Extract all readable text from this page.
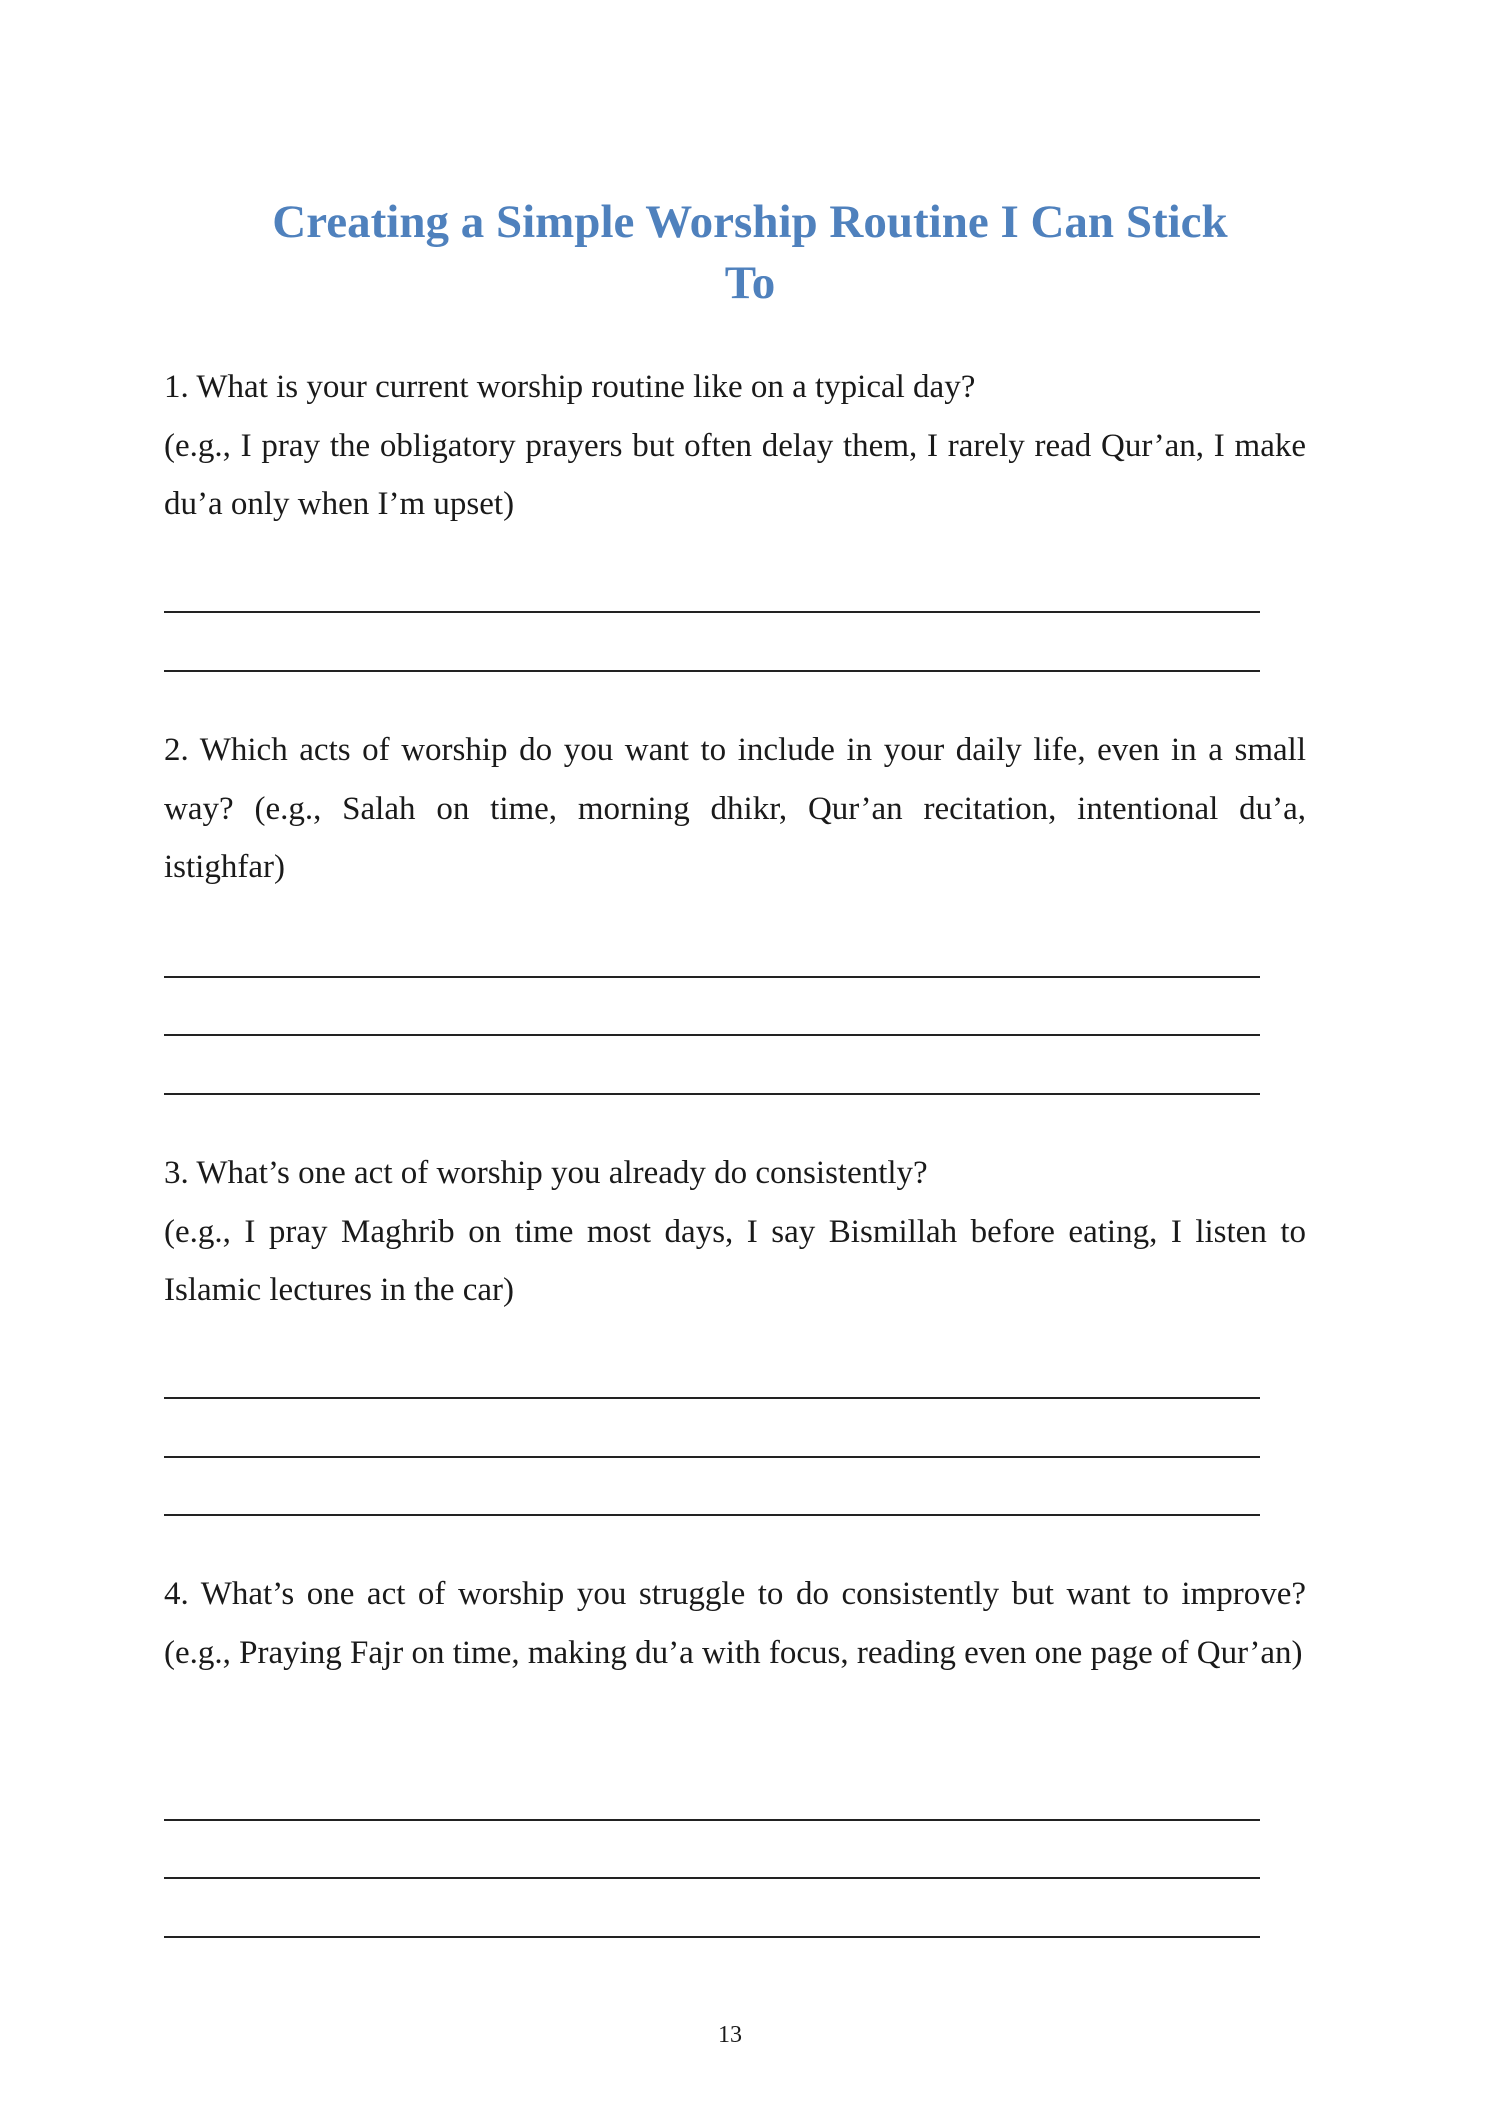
Creating a Simple Worship Routine I Can Stick To
1. What is your current worship routine like on a typical day?
(e.g., I pray the obligatory prayers but often delay them, I rarely read Qur’an, I make du’a only when I’m upset)
2. Which acts of worship do you want to include in your daily life, even in a small way? (e.g., Salah on time, morning dhikr, Qur’an recitation, intentional du’a, istighfar)
3. What’s one act of worship you already do consistently?
(e.g., I pray Maghrib on time most days, I say Bismillah before eating, I listen to Islamic lectures in the car)
4. What’s one act of worship you struggle to do consistently but want to improve? (e.g., Praying Fajr on time, making du’a with focus, reading even one page of Qur’an)
13
